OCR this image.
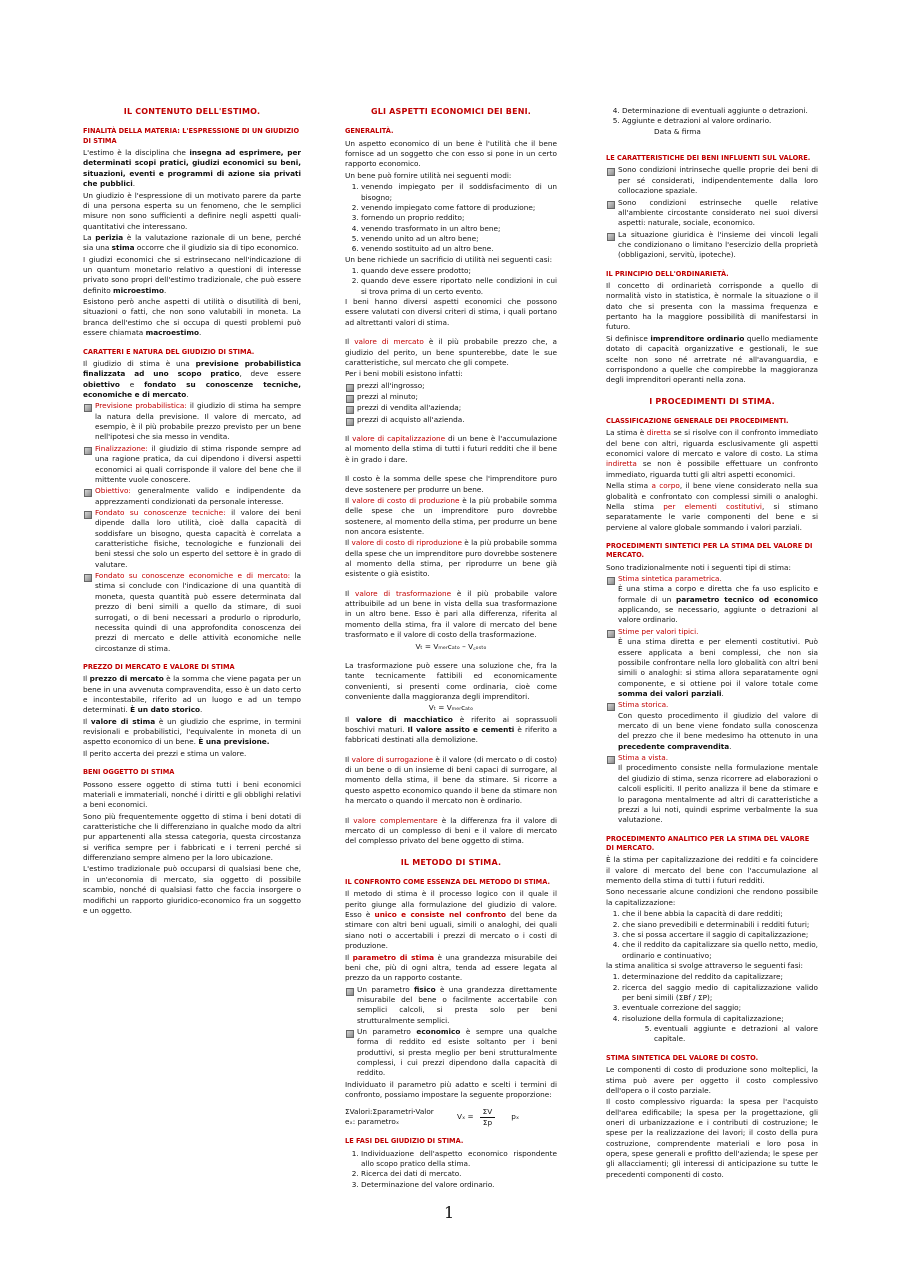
IL CONTENUTO DELL'ESTIMO.
FINALITÀ DELLA MATERIA: L'ESPRESSIONE DI UN GIUDIZIO DI STIMA

L'estimo è la disciplina che insegna ad esprimere, per determinati scopi pratici, giudizi economici su beni, situazioni, eventi e programmi di azione sia privati che pubblici.

Un giudizio è l'espressione di un motivato parere da parte di una persona esperta su un fenomeno, che le semplici misure non sono sufficienti a definire negli aspetti quali-quantitativi che interessano.

La perizia è la valutazione razionale di un bene, perché sia una stima occorre che il giudizio sia di tipo economico.

I giudizi economici che si estrinsecano nell'indicazione di un quantum monetario relativo a questioni di interesse privato sono propri dell'estimo tradizionale, che può essere definito microestimo.

Esistono però anche aspetti di utilità o disutilità di beni, situazioni o fatti, che non sono valutabili in moneta. La branca dell'estimo che si occupa di questi problemi può essere chiamata macroestimo.

CARATTERI E NATURA DEL GIUDIZIO DI STIMA.

Il giudizio di stima è una previsione probabilistica finalizzata ad uno scopo pratico, deve essere obiettivo e fondato su conoscenze tecniche, economiche e di mercato.

Previsione probabilistica: il giudizio di stima ha sempre la natura della previsione. Il valore di mercato, ad esempio, è il più probabile prezzo previsto per un bene nell'ipotesi che sia messo in vendita.
Finalizzazione: il giudizio di stima risponde sempre ad una ragione pratica, da cui dipendono i diversi aspetti economici ai quali corrisponde il valore del bene che il mittente vuole conoscere.
Obiettivo: generalmente valido e indipendente da apprezzamenti condizionati da personale interesse.
Fondato su conoscenze tecniche: il valore dei beni dipende dalla loro utilità, cioè dalla capacità di soddisfare un bisogno, questa capacità è correlata a caratteristiche fisiche, tecnologiche e funzionali dei beni stessi che solo un esperto del settore è in grado di valutare.
Fondato su conoscenze economiche e di mercato: la stima si conclude con l'indicazione di una quantità di moneta, questa quantità può essere determinata dal prezzo di beni simili a quello da stimare, di suoi surrogati, o di beni necessari a produrlo o riprodurlo, necessita quindi di una approfondita conoscenza dei prezzi di mercato e delle attività economiche nelle circostanze di stima.
PREZZO DI MERCATO E VALORE DI STIMA

Il prezzo di mercato è la somma che viene pagata per un bene in una avvenuta compravendita, esso è un dato certo e incontestabile, riferito ad un luogo e ad un tempo determinati. È un dato storico.

Il valore di stima è un giudizio che esprime, in termini revisionali e probabilistici, l'equivalente in moneta di un aspetto economico di un bene. È una previsione.

Il perito accerta dei prezzi e stima un valore.

BENI OGGETTO DI STIMA

Possono essere oggetto di stima tutti i beni economici materiali e immateriali, nonché i diritti e gli obblighi relativi a beni economici.

Sono più frequentemente oggetto di stima i beni dotati di caratteristiche che li differenziano in qualche modo da altri pur appartenenti alla stessa categoria, questa circostanza si verifica sempre per i fabbricati e i terreni perché si differenziano sempre almeno per la loro ubicazione.

L'estimo tradizionale può occuparsi di qualsiasi bene che, in un'economia di mercato, sia oggetto di possibile scambio, nonché di qualsiasi fatto che faccia insorgere o modifichi un rapporto giuridico-economico fra un soggetto e un oggetto.

GLI ASPETTI ECONOMICI DEI BENI.
GENERALITÀ.

Un aspetto economico di un bene è l'utilità che il bene fornisce ad un soggetto che con esso si pone in un certo rapporto economico.

Un bene può fornire utilità nei seguenti modi:

1. venendo impiegato per il soddisfacimento di un bisogno;
2. venendo impiegato come fattore di produzione;
3. fornendo un proprio reddito;
4. venendo trasformato in un altro bene;
5. venendo unito ad un altro bene;
6. venendo sostituito ad un altro bene.

Un bene richiede un sacrificio di utilità nei seguenti casi:

1. quando deve essere prodotto;
2. quando deve essere riportato nelle condizioni in cui si trova prima di un certo evento.

I beni hanno diversi aspetti economici che possono essere valutati con diversi criteri di stima, i quali portano ad altrettanti valori di stima.

Il valore di mercato è il più probabile prezzo che, a giudizio del perito, un bene spunterebbe, date le sue caratteristiche, sul mercato che gli compete.

Per i beni mobili esistono infatti:

prezzi all'ingrosso;
prezzi al minuto;
prezzi di vendita all'azienda;
prezzi di acquisto all'azienda.

Il valore di capitalizzazione di un bene è l'accumulazione al momento della stima di tutti i futuri redditi che il bene è in grado i dare.

Il costo è la somma delle spese che l'imprenditore puro deve sostenere per produrre un bene.

Il valore di costo di produzione è la più probabile somma delle spese che un imprenditore puro dovrebbe sostenere, al momento della stima, per produrre un bene non ancora esistente.

Il valore di costo di riproduzione è la più probabile somma della spese che un imprenditore puro dovrebbe sostenere al momento della stima, per riprodurre un bene già esistente o già esistito.

Il valore di trasformazione è il più probabile valore attribuibile ad un bene in vista della sua trasformazione in un altro bene. Esso è pari alla differenza, riferita al momento della stima, fra il valore di mercato del bene trasformato e il valore di costo della trasformazione.

Vₜ = Vₘₑᵣcₐₜₒ – V꜀ₒₛₜₒ

La trasformazione può essere una soluzione che, fra la tante tecnicamente fattibili ed economicamente convenienti, si presenti come ordinaria, cioè come conveniente dalla maggioranza degli imprenditori.

Vₜ = Vₘₑᵣcₐₜₒ

Il valore di macchiatico è riferito ai soprassuoli boschivi maturi. Il valore assito e cementi è riferito a fabbricati destinati alla demolizione.

Il valore di surrogazione è il valore (di mercato o di costo) di un bene o di un insieme di beni capaci di surrogare, al momento della stima, il bene da stimare. Si ricorre a questo aspetto economico quando il bene da stimare non ha mercato o quando il mercato non è ordinario.

Il valore complementare è la differenza fra il valore di mercato di un complesso di beni e il valore di mercato del complesso privato del bene oggetto di stima.

IL METODO DI STIMA.
IL CONFRONTO COME ESSENZA DEL METODO DI STIMA.

Il metodo di stima è il processo logico con il quale il perito giunge alla formulazione del giudizio di valore. Esso è unico e consiste nel confronto del bene da stimare con altri beni uguali, simili o analoghi, dei quali siano noti o accertabili i prezzi di mercato o i costi di produzione.

Il parametro di stima è una grandezza misurabile dei beni che, più di ogni altra, tenda ad essere legata al prezzo da un rapporto costante.

Un parametro fisico è una grandezza direttamente misurabile del bene o facilmente accertabile con semplici calcoli, si presta solo per beni strutturalmente semplici.
Un parametro economico è sempre una qualche forma di reddito ed esiste soltanto per i beni produttivi, si presta meglio per beni strutturalmente complessi, i cui prezzi dipendono dalla capacità di reddito.

Individuato il parametro più adatto e scelti i termini di confronto, possiamo impostare la seguente proporzione:

ΣValori:ΣparametriꞏValor
eₓ: parametroₓ
$V_x = \frac{\Sigma V}{\Sigma p}$ pₓ
LE FASI DEL GIUDIZIO DI STIMA.
1. Individuazione dell'aspetto economico rispondente allo scopo pratico della stima.
2. Ricerca dei dati di mercato.
3. Determinazione del valore ordinario.
4. Determinazione di eventuali aggiunte o detrazioni.
5. Aggiunte e detrazioni al valore ordinario.
Data & firma
LE CARATTERISTICHE DEI BENI INFLUENTI SUL VALORE.
Sono condizioni intrinseche quelle proprie dei beni di per sé considerati, indipendentemente dalla loro collocazione spaziale.
Sono condizioni estrinseche quelle relative all'ambiente circostante considerato nei suoi diversi aspetti: naturale, sociale, economico.
La situazione giuridica è l'insieme dei vincoli legali che condizionano o limitano l'esercizio della proprietà (obbligazioni, servitù, ipoteche).
IL PRINCIPIO DELL'ORDINARIETÀ.

Il concetto di ordinarietà corrisponde a quello di normalità visto in statistica, è normale la situazione o il dato che si presenta con la massima frequenza e pertanto ha la maggiore possibilità di manifestarsi in futuro.

Si definisce imprenditore ordinario quello mediamente dotato di capacità organizzative e gestionali, le sue scelte non sono né arretrate né all'avanguardia, e corrispondono a quelle che compirebbe la maggioranza degli imprenditori operanti nella zona.

I PROCEDIMENTI DI STIMA.
CLASSIFICAZIONE GENERALE DEI PROCEDIMENTI.

La stima è diretta se si risolve con il confronto immediato del bene con altri, riguarda esclusivamente gli aspetti economici valore di mercato e valore di costo. La stima indiretta se non è possibile effettuare un confronto immediato, riguarda tutti gli altri aspetti economici.

Nella stima a corpo, il bene viene considerato nella sua globalità e confrontato con complessi simili o analoghi. Nella stima per elementi costitutivi, si stimano separatamente le varie componenti del bene e si perviene al valore globale sommando i valori parziali.

PROCEDIMENTI SINTETICI PER LA STIMA DEL VALORE DI MERCATO.

Sono tradizionalmente noti i seguenti tipi di stima:

Stima sintetica parametrica.
È una stima a corpo e diretta che fa uso esplicito e formale di un parametro tecnico od economico applicando, se necessario, aggiunte o detrazioni al valore ordinario.
Stime per valori tipici.
È una stima diretta e per elementi costitutivi. Può essere applicata a beni complessi, che non sia possibile confrontare nella loro globalità con altri beni simili o analoghi: si stima allora separatamente ogni componente, e si ottiene poi il valore totale come somma dei valori parziali.
Stima storica.
Con questo procedimento il giudizio del valore di mercato di un bene viene fondato sulla conoscenza del prezzo che il bene medesimo ha ottenuto in una precedente compravendita.
Stima a vista.
Il procedimento consiste nella formulazione mentale del giudizio di stima, senza ricorrere ad elaborazioni o calcoli espliciti. Il perito analizza il bene da stimare e lo paragona mentalmente ad altri di caratteristiche a prezzi a lui noti, quindi esprime verbalmente la sua valutazione.
PROCEDIMENTO ANALITICO PER LA STIMA DEL VALORE DI MERCATO.

È la stima per capitalizzazione dei redditi e fa coincidere il valore di mercato del bene con l'accumulazione al memento della stima di tutti i futuri redditi.

Sono necessarie alcune condizioni che rendono possibile la capitalizzazione:

1. che il bene abbia la capacità di dare redditi;
2. che siano prevedibili e determinabili i redditi futuri;
3. che si possa accertare il saggio di capitalizzazione;
4. che il reddito da capitalizzare sia quello netto, medio, ordinario e continuativo;

la stima analitica si svolge attraverso le seguenti fasi:

1. determinazione del reddito da capitalizzare;
2. ricerca del saggio medio di capitalizzazione valido per beni simili (ΣBf / ΣP);
3. eventuale correzione del saggio;
4. risoluzione della formula di capitalizzazione;
5. eventuali aggiunte e detrazioni al valore capitale.
STIMA SINTETICA DEL VALORE DI COSTO.

Le componenti di costo di produzione sono molteplici, la stima può avere per oggetto il costo complessivo dell'opera o il costo parziale.

Il costo complessivo riguarda: la spesa per l'acquisto dell'area edificabile; la spesa per la progettazione, gli oneri di urbanizzazione e i contributi di costruzione; le spese per la realizzazione dei lavori; il costo della pura costruzione, comprendente materiali e loro posa in opera, spese generali e profitto dell'azienda; le spese per gli allacciamenti; gli interessi di anticipazione su tutte le precedenti componenti di costo.

1
